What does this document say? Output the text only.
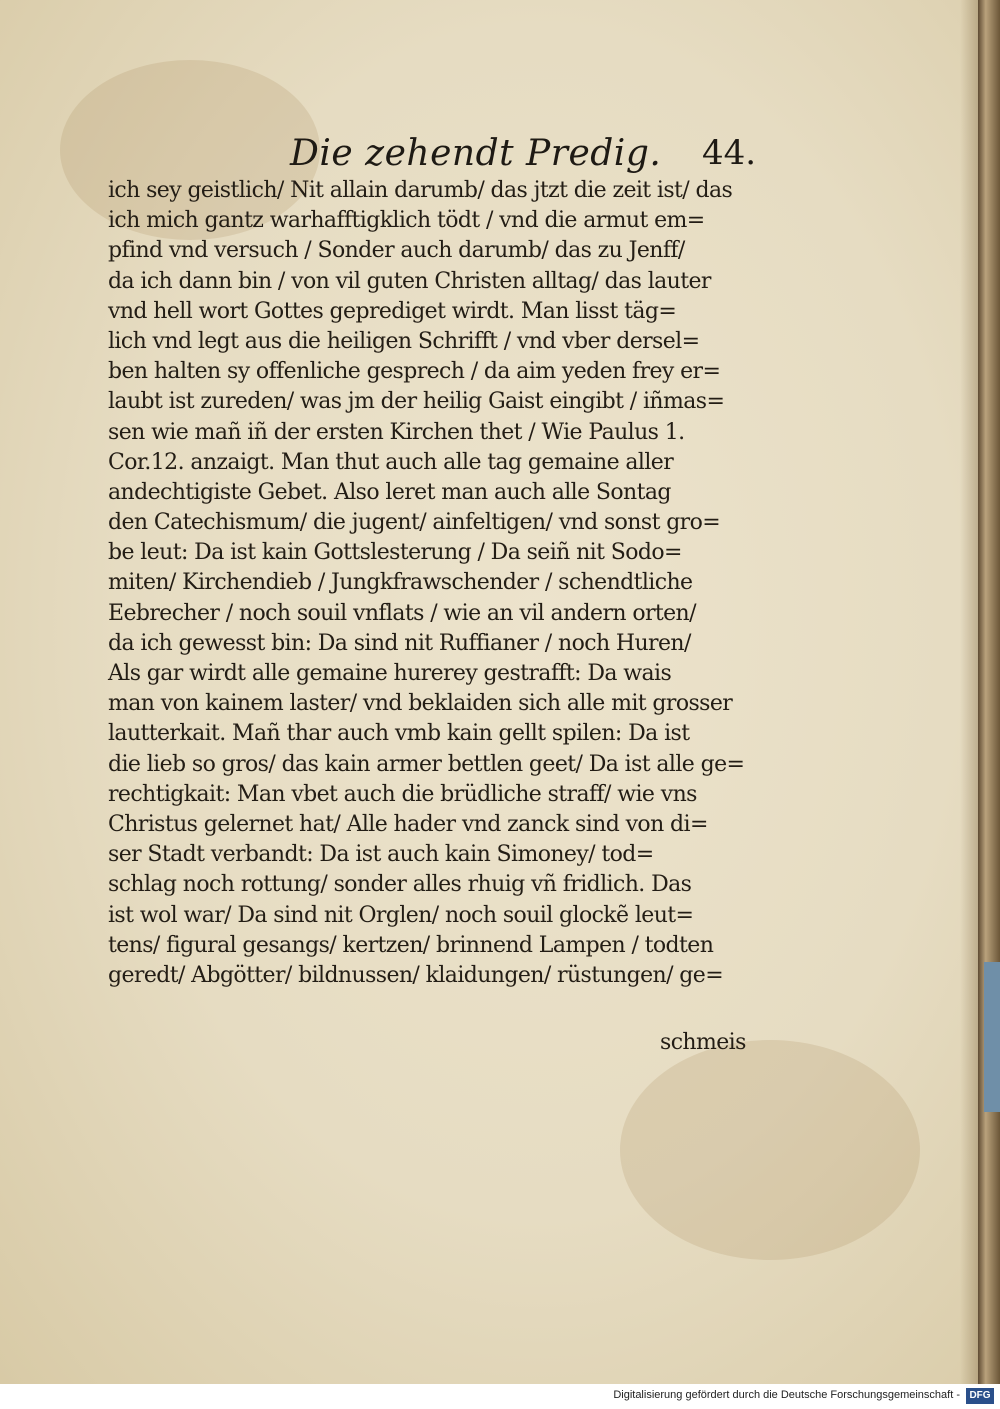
Die zehendt Predig. 44.
ich sey geistlich/ Nit allain darumb/ das jtzt die zeit ist/ das
ich mich gantz warhafftigklich tödt / vnd die armut em=
pfind vnd versuch / Sonder auch darumb/ das zu Jenff/
da ich dann bin / von vil guten Christen alltag/ das lauter
vnd hell wort Gottes geprediget wirdt. Man lisst täg=
lich vnd legt aus die heiligen Schrifft / vnd vber dersel=
ben halten sy offenliche gesprech / da aim yeden frey er=
laubt ist zureden/ was jm der heilig Gaist eingibt / iñmas=
sen wie mañ iñ der ersten Kirchen thet / Wie Paulus 1.
Cor.12. anzaigt. Man thut auch alle tag gemaine aller
andechtigiste Gebet. Also leret man auch alle Sontag
den Catechismum/ die jugent/ ainfeltigen/ vnd sonst gro=
be leut: Da ist kain Gottslesterung / Da seiñ nit Sodo=
miten/ Kirchendieb / Jungkfrawschender / schendtliche
Eebrecher / noch souil vnflats / wie an vil andern orten/
da ich gewesst bin: Da sind nit Ruffianer / noch Huren/
Als gar wirdt alle gemaine hurerey gestrafft: Da wais
man von kainem laster/ vnd beklaiden sich alle mit grosser
lautterkait. Mañ thar auch vmb kain gellt spilen: Da ist
die lieb so gros/ das kain armer bettlen geet/ Da ist alle ge=
rechtigkait: Man vbet auch die brüdliche straff/ wie vns
Christus gelernet hat/ Alle hader vnd zanck sind von di=
ser Stadt verbandt: Da ist auch kain Simoney/ tod=
schlag noch rottung/ sonder alles rhuig vñ fridlich. Das
ist wol war/ Da sind nit Orglen/ noch souil glockẽ leut=
tens/ figural gesangs/ kertzen/ brinnend Lampen / todten
geredt/ Abgötter/ bildnussen/ klaidungen/ rüstungen/ ge=
schmeis
Digitalisierung gefördert durch die Deutsche Forschungsgemeinschaft - DFG
